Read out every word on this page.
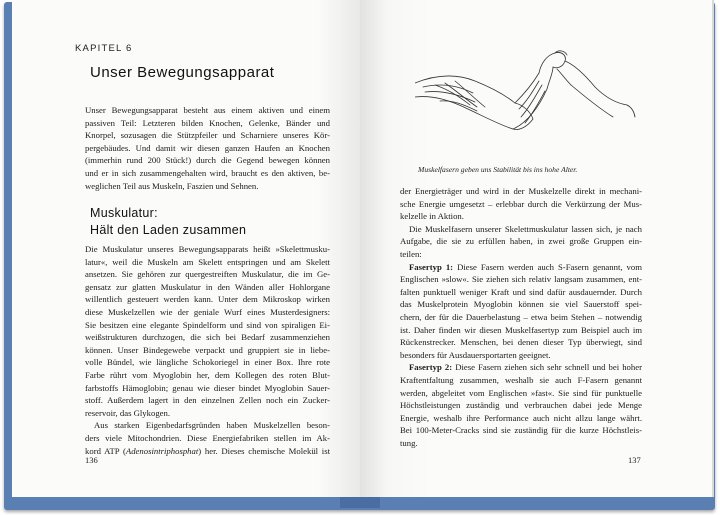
KAPITEL 6
Unser Bewegungsapparat
Unser Bewegungsapparat besteht aus einem aktiven und einem
passiven Teil: Letzteren bilden Knochen, Gelenke, Bänder und
Knorpel, sozusagen die Stützpfeiler und Scharniere unseres Kör-
pergebäudes. Und damit wir diesen ganzen Haufen an Knochen
(immerhin rund 200 Stück!) durch die Gegend bewegen können
und er in sich zusammengehalten wird, braucht es den aktiven, be-
weglichen Teil aus Muskeln, Faszien und Sehnen.
Muskulatur:
Hält den Laden zusammen
Die Muskulatur unseres Bewegungsapparats heißt »Skelettmusku-
latur«, weil die Muskeln am Skelett entspringen und am Skelett
ansetzen. Sie gehören zur quergestreiften Muskulatur, die im Ge-
gensatz zur glatten Muskulatur in den Wänden aller Hohlorgane
willentlich gesteuert werden kann. Unter dem Mikroskop wirken
diese Muskelzellen wie der geniale Wurf eines Musterdesigners:
Sie besitzen eine elegante Spindelform und sind von spiraligen Ei-
weißstrukturen durchzogen, die sich bei Bedarf zusammenziehen
können. Unser Bindegewebe verpackt und gruppiert sie in liebe-
volle Bündel, wie längliche Schokoriegel in einer Box. Ihre rote
Farbe rührt vom Myoglobin her, dem Kollegen des roten Blut-
farbstoffs Hämoglobin; genau wie dieser bindet Myoglobin Sauer-
stoff. Außerdem lagert in den einzelnen Zellen noch ein Zucker-
reservoir, das Glykogen.
Aus starken Eigenbedarfsgründen haben Muskelzellen beson-
ders viele Mitochondrien. Diese Energiefabriken stellen im Ak-
kord ATP (Adenosintriphosphat) her. Dieses chemische Molekül ist
136
Muskelfasern geben uns Stabilität bis ins hohe Alter.
der Energieträger und wird in der Muskelzelle direkt in mechani-
sche Energie umgesetzt – erlebbar durch die Verkürzung der Mus-
kelzelle in Aktion.
Die Muskelfasern unserer Skelettmuskulatur lassen sich, je nach
Aufgabe, die sie zu erfüllen haben, in zwei große Gruppen ein-
teilen:
Fasertyp 1: Diese Fasern werden auch S-Fasern genannt, vom
Englischen »slow«. Sie ziehen sich relativ langsam zusammen, ent-
falten punktuell weniger Kraft und sind dafür ausdauernder. Durch
das Muskelprotein Myoglobin können sie viel Sauerstoff spei-
chern, der für die Dauerbelastung – etwa beim Stehen – notwendig
ist. Daher finden wir diesen Muskelfasertyp zum Beispiel auch im
Rückenstrecker. Menschen, bei denen dieser Typ überwiegt, sind
besonders für Ausdauersportarten geeignet.
Fasertyp 2: Diese Fasern ziehen sich sehr schnell und bei hoher
Kraftentfaltung zusammen, weshalb sie auch F-Fasern genannt
werden, abgeleitet vom Englischen »fast«. Sie sind für punktuelle
Höchstleistungen zuständig und verbrauchen dabei jede Menge
Energie, weshalb ihre Performance auch nicht allzu lange währt.
Bei 100-Meter-Cracks sind sie zuständig für die kurze Höchstleis-
tung.
137
